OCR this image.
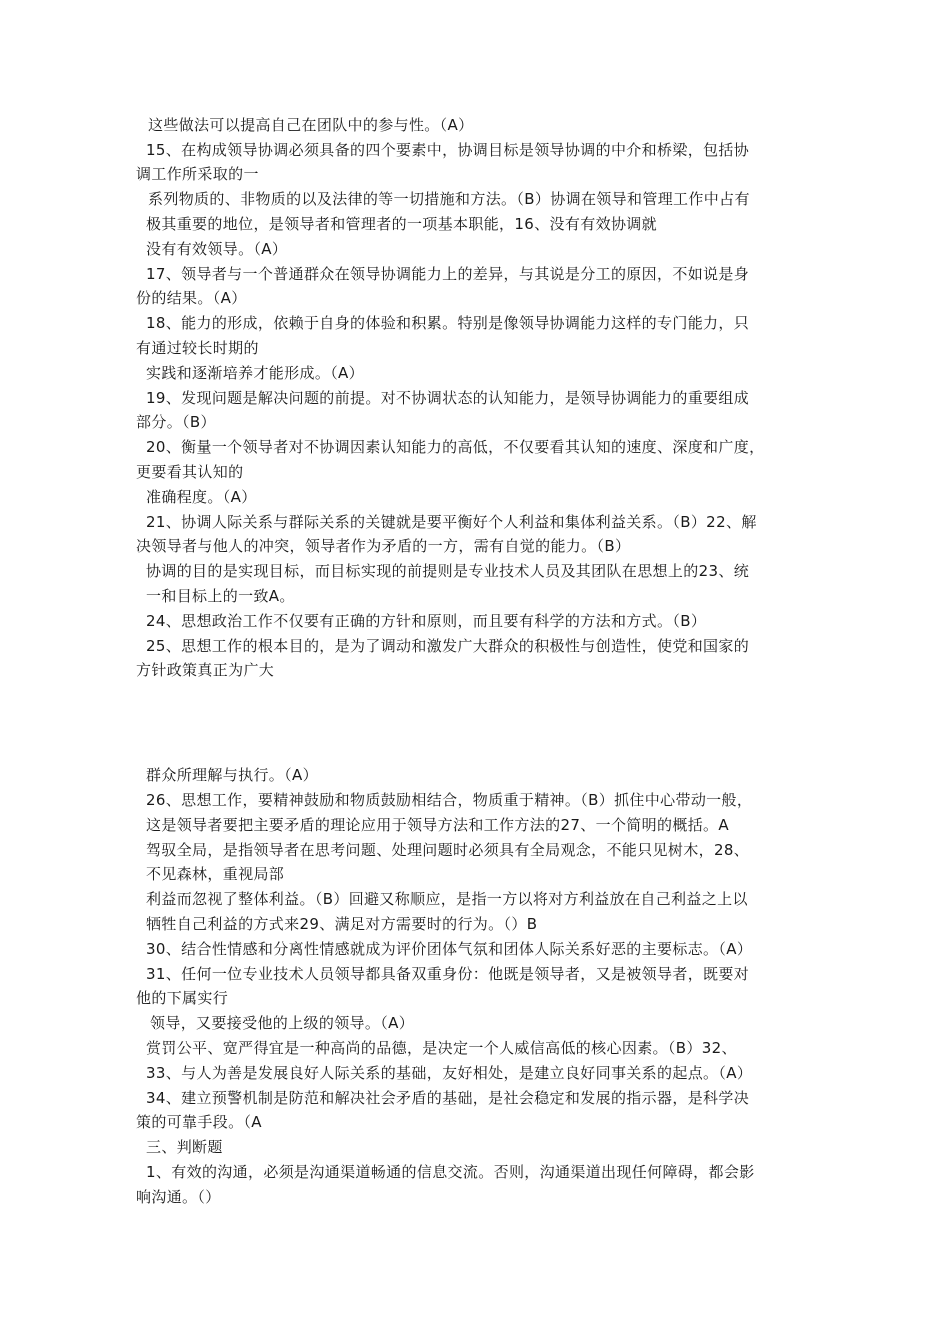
这些做法可以提高自己在团队中的参与性。（A）
15、在构成领导协调必须具备的四个要素中，协调目标是领导协调的中介和桥梁，包括协
调工作所采取的一
系列物质的、非物质的以及法律的等一切措施和方法。（B）协调在领导和管理工作中占有
极其重要的地位，是领导者和管理者的一项基本职能，16、没有有效协调就
没有有效领导。（A）
17、领导者与一个普通群众在领导协调能力上的差异，与其说是分工的原因，不如说是身
份的结果。（A）
18、能力的形成，依赖于自身的体验和积累。特别是像领导协调能力这样的专门能力，只
有通过较长时期的
实践和逐渐培养才能形成。（A）
19、发现问题是解决问题的前提。对不协调状态的认知能力，是领导协调能力的重要组成
部分。（B）
20、衡量一个领导者对不协调因素认知能力的高低，不仅要看其认知的速度、深度和广度，
更要看其认知的
准确程度。（A）
21、协调人际关系与群际关系的关键就是要平衡好个人利益和集体利益关系。（B）22、解
决领导者与他人的冲突，领导者作为矛盾的一方，需有自觉的能力。（B）
协调的目的是实现目标，而目标实现的前提则是专业技术人员及其团队在思想上的23、统
一和目标上的一致A。
24、思想政治工作不仅要有正确的方针和原则，而且要有科学的方法和方式。（B）
25、思想工作的根本目的，是为了调动和激发广大群众的积极性与创造性，使党和国家的
方针政策真正为广大
群众所理解与执行。（A）
26、思想工作，要精神鼓励和物质鼓励相结合，物质重于精神。（B）抓住中心带动一般，
这是领导者要把主要矛盾的理论应用于领导方法和工作方法的27、一个简明的概括。A
驾驭全局，是指领导者在思考问题、处理问题时必须具有全局观念，不能只见树木，28、
不见森林，重视局部
利益而忽视了整体利益。（B）回避又称顺应，是指一方以将对方利益放在自己利益之上以
牺牲自己利益的方式来29、满足对方需要时的行为。（）B
30、结合性情感和分离性情感就成为评价团体气氛和团体人际关系好恶的主要标志。（A）
31、任何一位专业技术人员领导都具备双重身份：他既是领导者，又是被领导者，既要对
他的下属实行
领导，又要接受他的上级的领导。（A）
赏罚公平、宽严得宜是一种高尚的品德，是决定一个人威信高低的核心因素。（B）32、
33、与人为善是发展良好人际关系的基础，友好相处，是建立良好同事关系的起点。（A）
34、建立预警机制是防范和解决社会矛盾的基础，是社会稳定和发展的指示器，是科学决
策的可靠手段。（A
三、判断题
1、有效的沟通，必须是沟通渠道畅通的信息交流。否则，沟通渠道出现任何障碍，都会影
响沟通。（）
